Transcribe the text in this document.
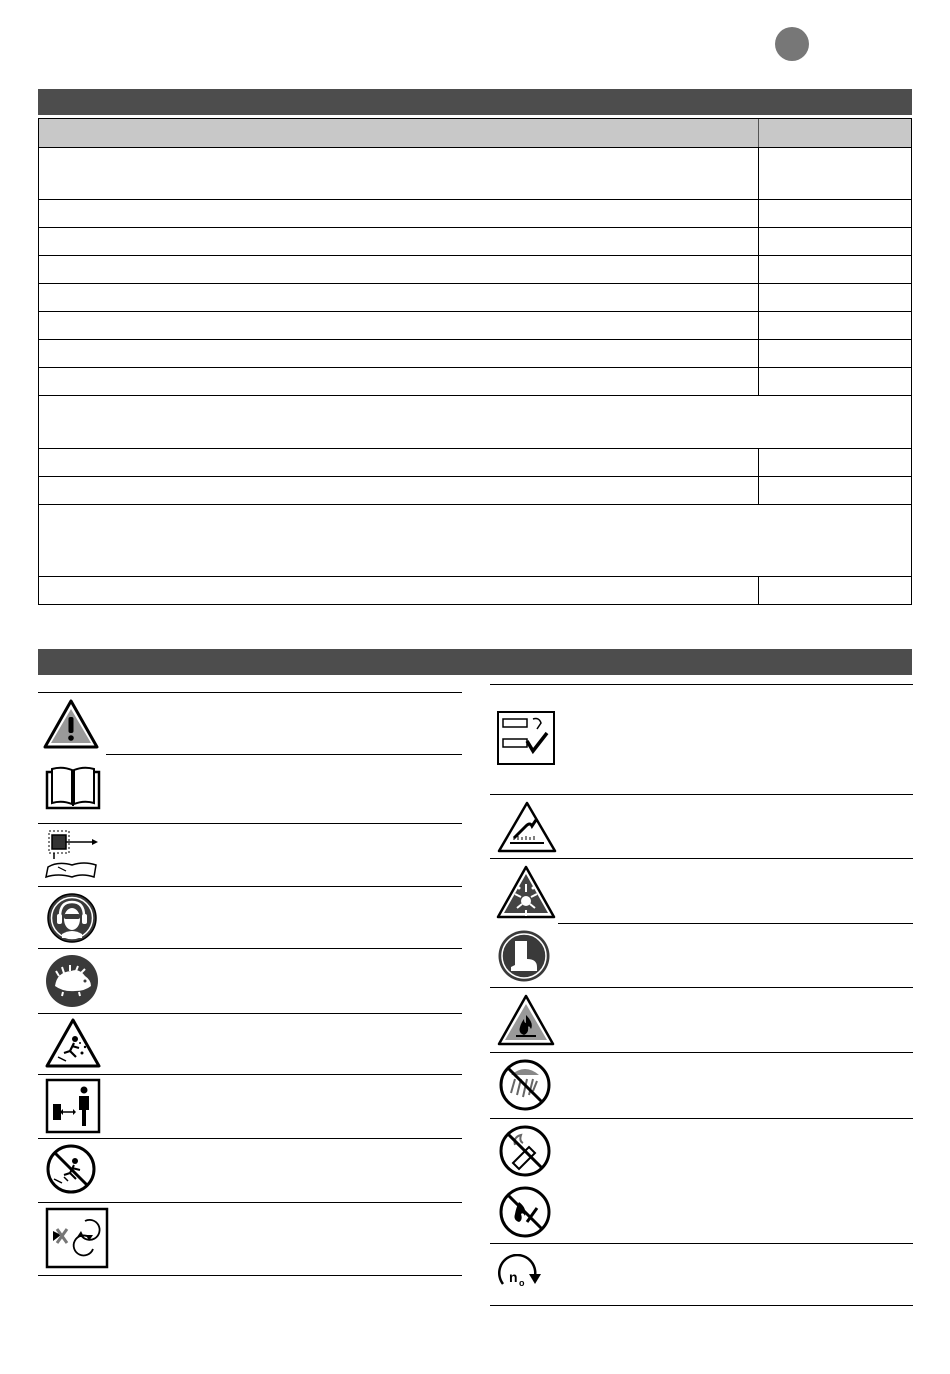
n o
